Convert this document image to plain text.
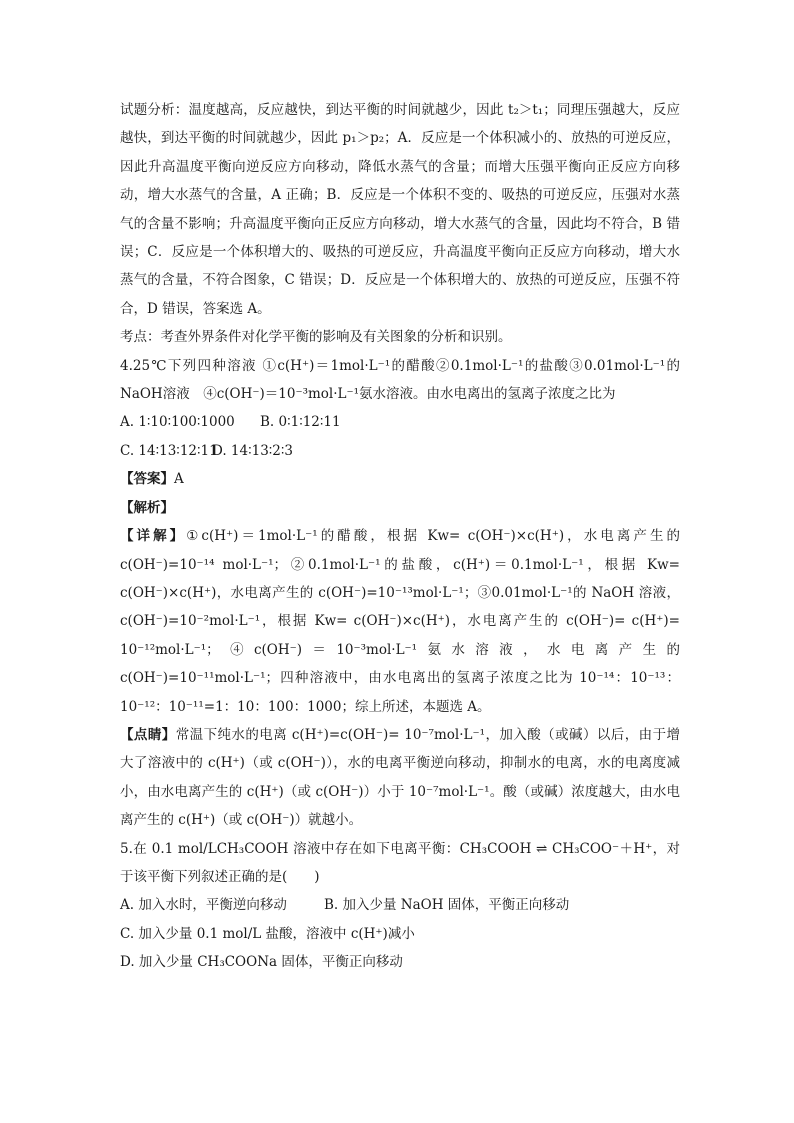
试题分析：温度越高，反应越快，到达平衡的时间就越少，因此 t₂＞t₁；同理压强越大，反应越快，到达平衡的时间就越少，因此 p₁＞p₂；A．反应是一个体积减小的、放热的可逆反应，因此升高温度平衡向逆反应方向移动，降低水蒸气的含量；而增大压强平衡向正反应方向移动，增大水蒸气的含量，A 正确；B．反应是一个体积不变的、吸热的可逆反应，压强对水蒸气的含量不影响；升高温度平衡向正反应方向移动，增大水蒸气的含量，因此均不符合，B 错误；C．反应是一个体积增大的、吸热的可逆反应，升高温度平衡向正反应方向移动，增大水蒸气的含量，不符合图象，C 错误；D．反应是一个体积增大的、放热的可逆反应，压强不符合，D 错误，答案选 A。

考点：考查外界条件对化学平衡的影响及有关图象的分析和识别。

4.25℃下列四种溶液 ①c(H⁺)＝1mol·L⁻¹的醋酸②0.1mol·L⁻¹的盐酸③0.01mol·L⁻¹的NaOH溶液　④c(OH⁻)＝10⁻³mol·L⁻¹氨水溶液。由水电离出的氢离子浓度之比为

A. 1∶10∶100∶1000	B. 0∶1∶12∶11
C. 14∶13∶12∶11
D. 14∶13∶2∶3

【答案】A

【解析】

【详解】①c(H⁺)＝1mol·L⁻¹的醋酸，根据 Kw= c(OH⁻)×c(H⁺)，水电离产生的 c(OH⁻)=10⁻¹⁴ mol·L⁻¹；②0.1mol·L⁻¹的盐酸，c(H⁺)＝0.1mol·L⁻¹，根据 Kw= c(OH⁻)×c(H⁺)，水电离产生的 c(OH⁻)=10⁻¹³mol·L⁻¹；③0.01mol·L⁻¹的 NaOH 溶液，c(OH⁻)=10⁻²mol·L⁻¹，根据 Kw= c(OH⁻)×c(H⁺)，水电离产生的 c(OH⁻)= c(H⁺)= 10⁻¹²mol·L⁻¹；④c(OH⁻)＝10⁻³mol·L⁻¹氨水溶液，水电离产生的 c(OH⁻)=10⁻¹¹mol·L⁻¹；四种溶液中，由水电离出的氢离子浓度之比为 10⁻¹⁴：10⁻¹³：10⁻¹²：10⁻¹¹=1：10：100：1000；综上所述，本题选 A。

【点睛】常温下纯水的电离 c(H⁺)=c(OH⁻)= 10⁻⁷mol·L⁻¹，加入酸（或碱）以后，由于增大了溶液中的 c(H⁺)（或 c(OH⁻)），水的电离平衡逆向移动，抑制水的电离，水的电离度减小，由水电离产生的 c(H⁺)（或 c(OH⁻)）小于 10⁻⁷mol·L⁻¹。酸（或碱）浓度越大，由水电离产生的 c(H⁺)（或 c(OH⁻)）就越小。

5.在 0.1 mol/LCH₃COOH 溶液中存在如下电离平衡：CH₃COOH ⇌ CH₃COO⁻＋H⁺，对于该平衡下列叙述正确的是(　　)

A. 加入水时，平衡逆向移动	B. 加入少量 NaOH 固体，平衡正向移动
C. 加入少量 0.1 mol/L 盐酸，溶液中 c(H⁺)减小

D. 加入少量 CH₃COONa 固体，平衡正向移动
